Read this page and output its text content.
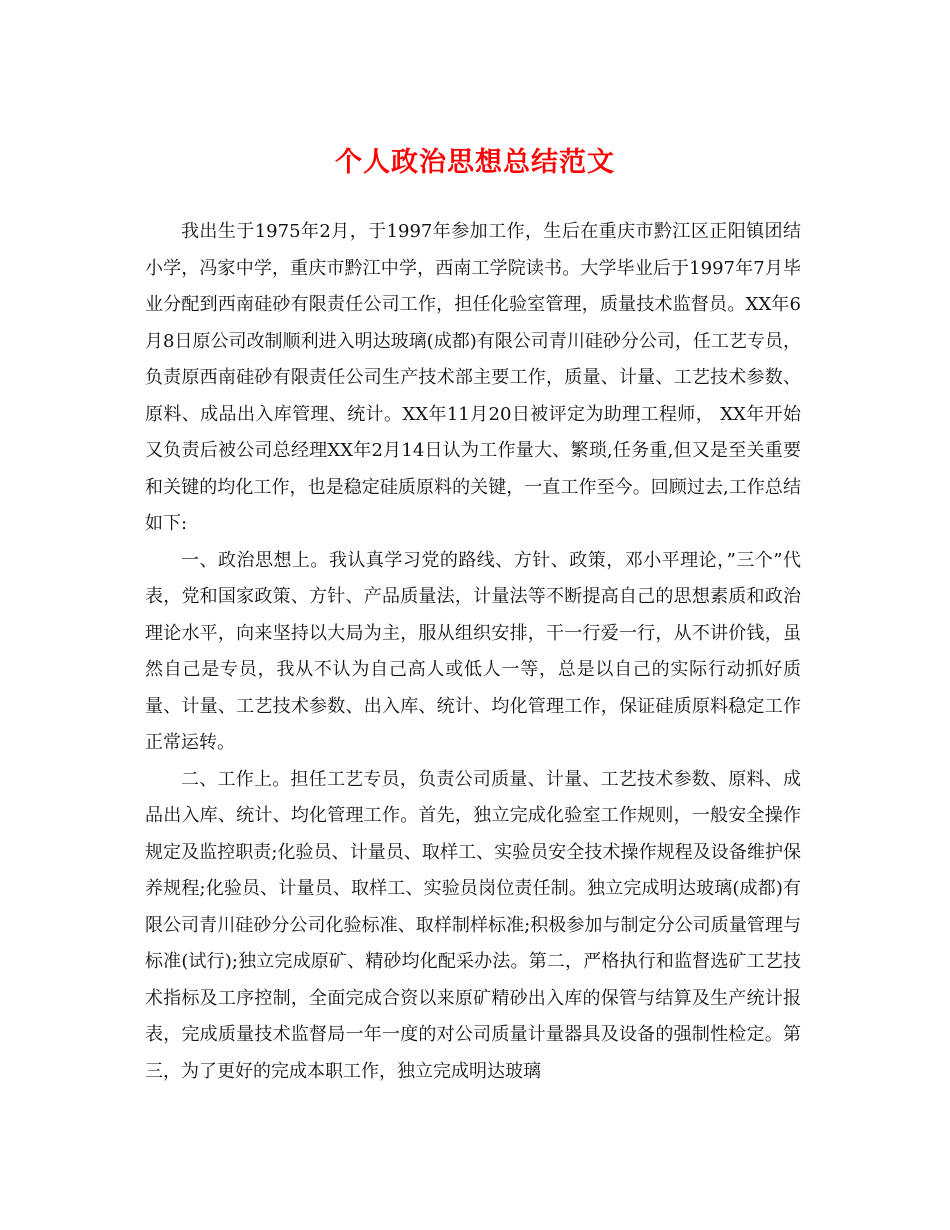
个人政治思想总结范文

我出生于1975年2月，于1997年参加工作，生后在重庆市黔江区正阳镇团结小学，冯家中学，重庆市黔江中学，西南工学院读书。大学毕业后于1997年7月毕业分配到西南硅砂有限责任公司工作，担任化验室管理，质量技术监督员。XX年6月8日原公司改制顺利进入明达玻璃(成都)有限公司青川硅砂分公司，任工艺专员，负责原西南硅砂有限责任公司生产技术部主要工作，质量、计量、工艺技术参数、原料、成品出入库管理、统计。XX年11月20日被评定为助理工程师， XX年开始又负责后被公司总经理XX年2月14日认为工作量大、繁琐,任务重,但又是至关重要和关键的均化工作，也是稳定硅质原料的关键，一直工作至今。回顾过去,工作总结如下:

一、政治思想上。我认真学习党的路线、方针、政策，邓小平理论，”三个”代表，党和国家政策、方针、产品质量法，计量法等不断提高自己的思想素质和政治理论水平，向来坚持以大局为主，服从组织安排，干一行爱一行，从不讲价钱，虽然自己是专员，我从不认为自己高人或低人一等，总是以自己的实际行动抓好质量、计量、工艺技术参数、出入库、统计、均化管理工作，保证硅质原料稳定工作正常运转。

二、工作上。担任工艺专员，负责公司质量、计量、工艺技术参数、原料、成品出入库、统计、均化管理工作。首先，独立完成化验室工作规则，一般安全操作规定及监控职责;化验员、计量员、取样工、实验员安全技术操作规程及设备维护保养规程;化验员、计量员、取样工、实验员岗位责任制。独立完成明达玻璃(成都)有限公司青川硅砂分公司化验标准、取样制样标准;积极参加与制定分公司质量管理与标准(试行);独立完成原矿、精砂均化配采办法。第二，严格执行和监督选矿工艺技术指标及工序控制，全面完成合资以来原矿精砂出入库的保管与结算及生产统计报表，完成质量技术监督局一年一度的对公司质量计量器具及设备的强制性检定。第三，为了更好的完成本职工作，独立完成明达玻璃
